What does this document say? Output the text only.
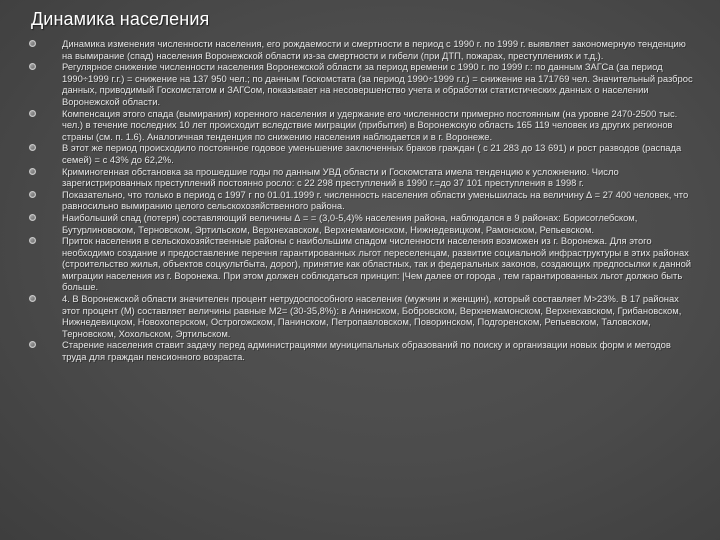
Динамика населения
Динамика изменения численности населения, его рождаемости и смертности в период с 1990 г. по 1999 г. выявляет закономерную тенденцию на вымирание (спад) населения Воронежской области из-за смертности и гибели (при ДТП, пожарах, преступлениях и т.д.).
Регулярное снижение численности населения Воронежской области за период времени с 1990 г. по 1999 г.: по данным ЗАГСа (за период 1990÷1999 г.г.) = снижение на 137 950 чел.; по данным Госкомстата (за период 1990÷1999 г.г.) = снижение на 171769 чел. Значительный разброс данных, приводимый Госкомстатом и ЗАГСом, показывает на несовершенство учета и обработки статистических данных о населении Воронежской области.
Компенсация этого спада (вымирания) коренного населения и удержание его численности примерно постоянным (на уровне 2470-2500 тыс. чел.) в течение последних 10 лет происходит вследствие миграции (прибытия) в Воронежскую область 165 119 человек из других регионов страны (см. п. 1.6). Аналогичная тенденция по снижению населения наблюдается и в г. Воронеже.
В этот же период происходило постоянное годовое уменьшение заключенных браков граждан ( с 21 283 до 13 691) и рост разводов (распада семей) = с 43% до 62,2%.
Криминогенная обстановка за прошедшие годы по данным УВД области и Госкомстата имела тенденцию к усложнению. Число зарегистрированных преступлений постоянно росло: с 22 298 преступлений в 1990 г.=до 37 101 преступления в 1998 г.
Показательно, что только в период с 1997 г по 01.01.1999 г. численность населения области уменьшилась на величину ∆ = 27 400 человек, что равносильно вымиранию целого сельскохозяйственного района.
Наибольший спад (потеря) составляющий величины ∆ = = (3,0-5,4)% населения района, наблюдался в 9 районах: Борисоглебском, Бутурлиновском, Терновском, Эртильском, Верхнехавском, Верхнемамонском, Нижнедевицком, Рамонском, Репьевском.
Приток населения в сельскохозяйственные районы с наибольшим спадом численности населения возможен из г. Воронежа. Для этого необходимо создание и предоставление перечня гарантированных льгот переселенцам, развитие социальной инфраструктуры в этих районах (строительство жилья, объектов соцкультбыта, дорог), принятие как областных, так и федеральных законов, создающих предпосылки к данной миграции населения из г. Воронежа. При этом должен соблюдаться принцип: |Чем далее от города , тем гарантированных льгот должно быть больше.
4. В Воронежской области значителен процент нетрудоспособного населения (мужчин и женщин), который составляет М>23%. В 17 районах этот процент (М) составляет величины равные М2= (30-35,8%): в Аннинском, Бобровском, Верхнемамонском, Верхнехавском, Грибановском, Нижнедевицком, Новохоперском, Острогожском, Панинском, Петропавловском, Поворинском, Подгоренском, Репьевском, Таловском, Терновском, Хохольском, Эртильском.
Старение населения ставит задачу перед администрациями муниципальных образований по поиску и организации новых форм и методов труда для граждан пенсионного возраста.
